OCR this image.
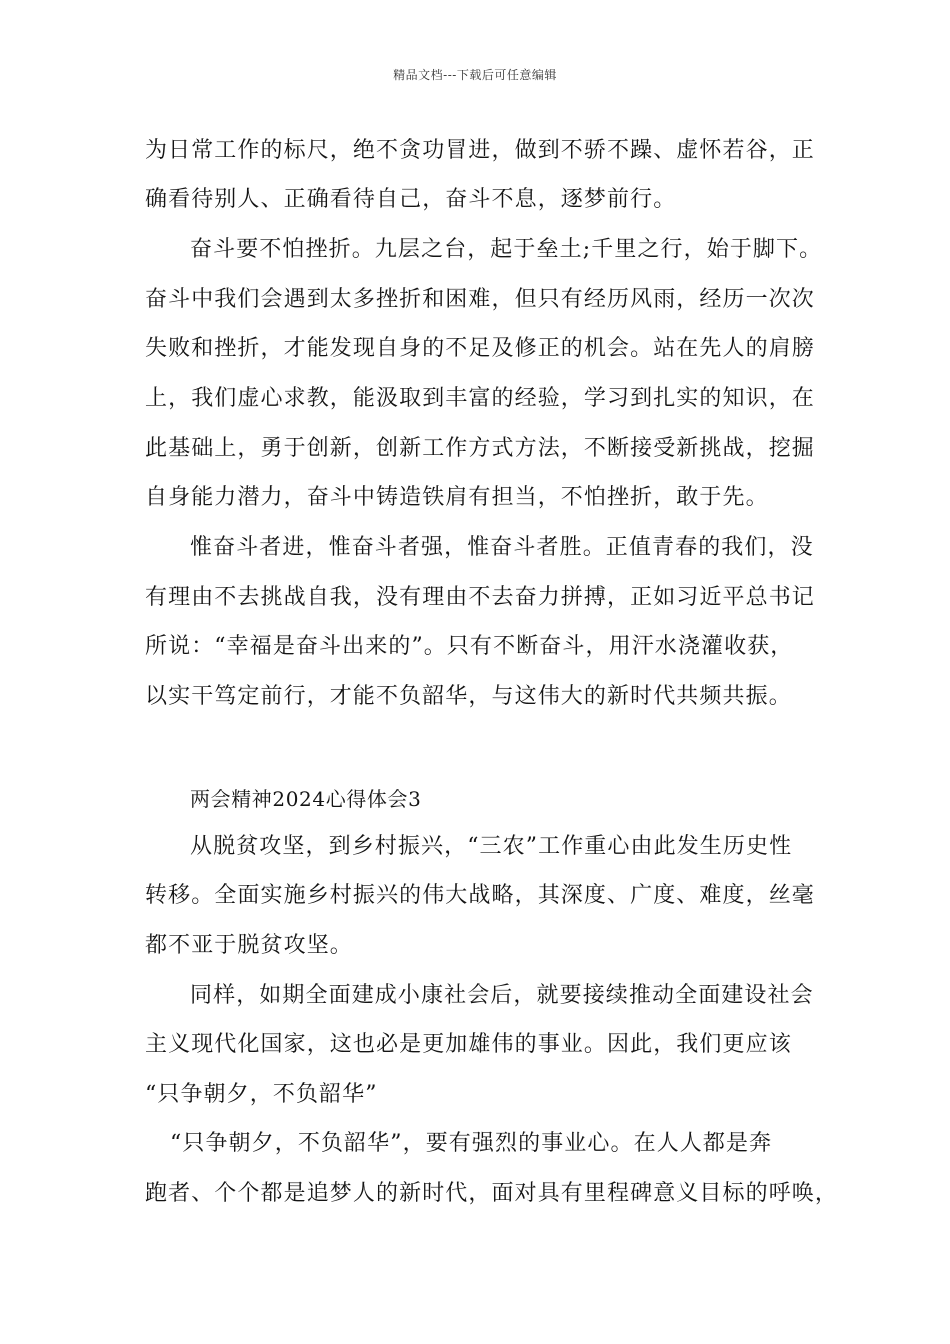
精品文档---下载后可任意编辑
为日常工作的标尺，绝不贪功冒进，做到不骄不躁、虚怀若谷，正
确看待别人、正确看待自己，奋斗不息，逐梦前行。
奋斗要不怕挫折。九层之台，起于垒土;千里之行，始于脚下。
奋斗中我们会遇到太多挫折和困难，但只有经历风雨，经历一次次
失败和挫折，才能发现自身的不足及修正的机会。站在先人的肩膀
上，我们虚心求教，能汲取到丰富的经验，学习到扎实的知识，在
此基础上，勇于创新，创新工作方式方法，不断接受新挑战，挖掘
自身能力潜力，奋斗中铸造铁肩有担当，不怕挫折，敢于先。
惟奋斗者进，惟奋斗者强，惟奋斗者胜。正值青春的我们，没
有理由不去挑战自我，没有理由不去奋力拼搏，正如习近平总书记
所说：“幸福是奋斗出来的”。只有不断奋斗，用汗水浇灌收获，
以实干笃定前行，才能不负韶华，与这伟大的新时代共频共振。
两会精神2024心得体会3
从脱贫攻坚，到乡村振兴，“三农”工作重心由此发生历史性
转移。全面实施乡村振兴的伟大战略，其深度、广度、难度，丝毫
都不亚于脱贫攻坚。
同样，如期全面建成小康社会后，就要接续推动全面建设社会
主义现代化国家，这也必是更加雄伟的事业。因此，我们更应该
“只争朝夕，不负韶华”
“只争朝夕，不负韶华”，要有强烈的事业心。在人人都是奔
跑者、个个都是追梦人的新时代，面对具有里程碑意义目标的呼唤，
